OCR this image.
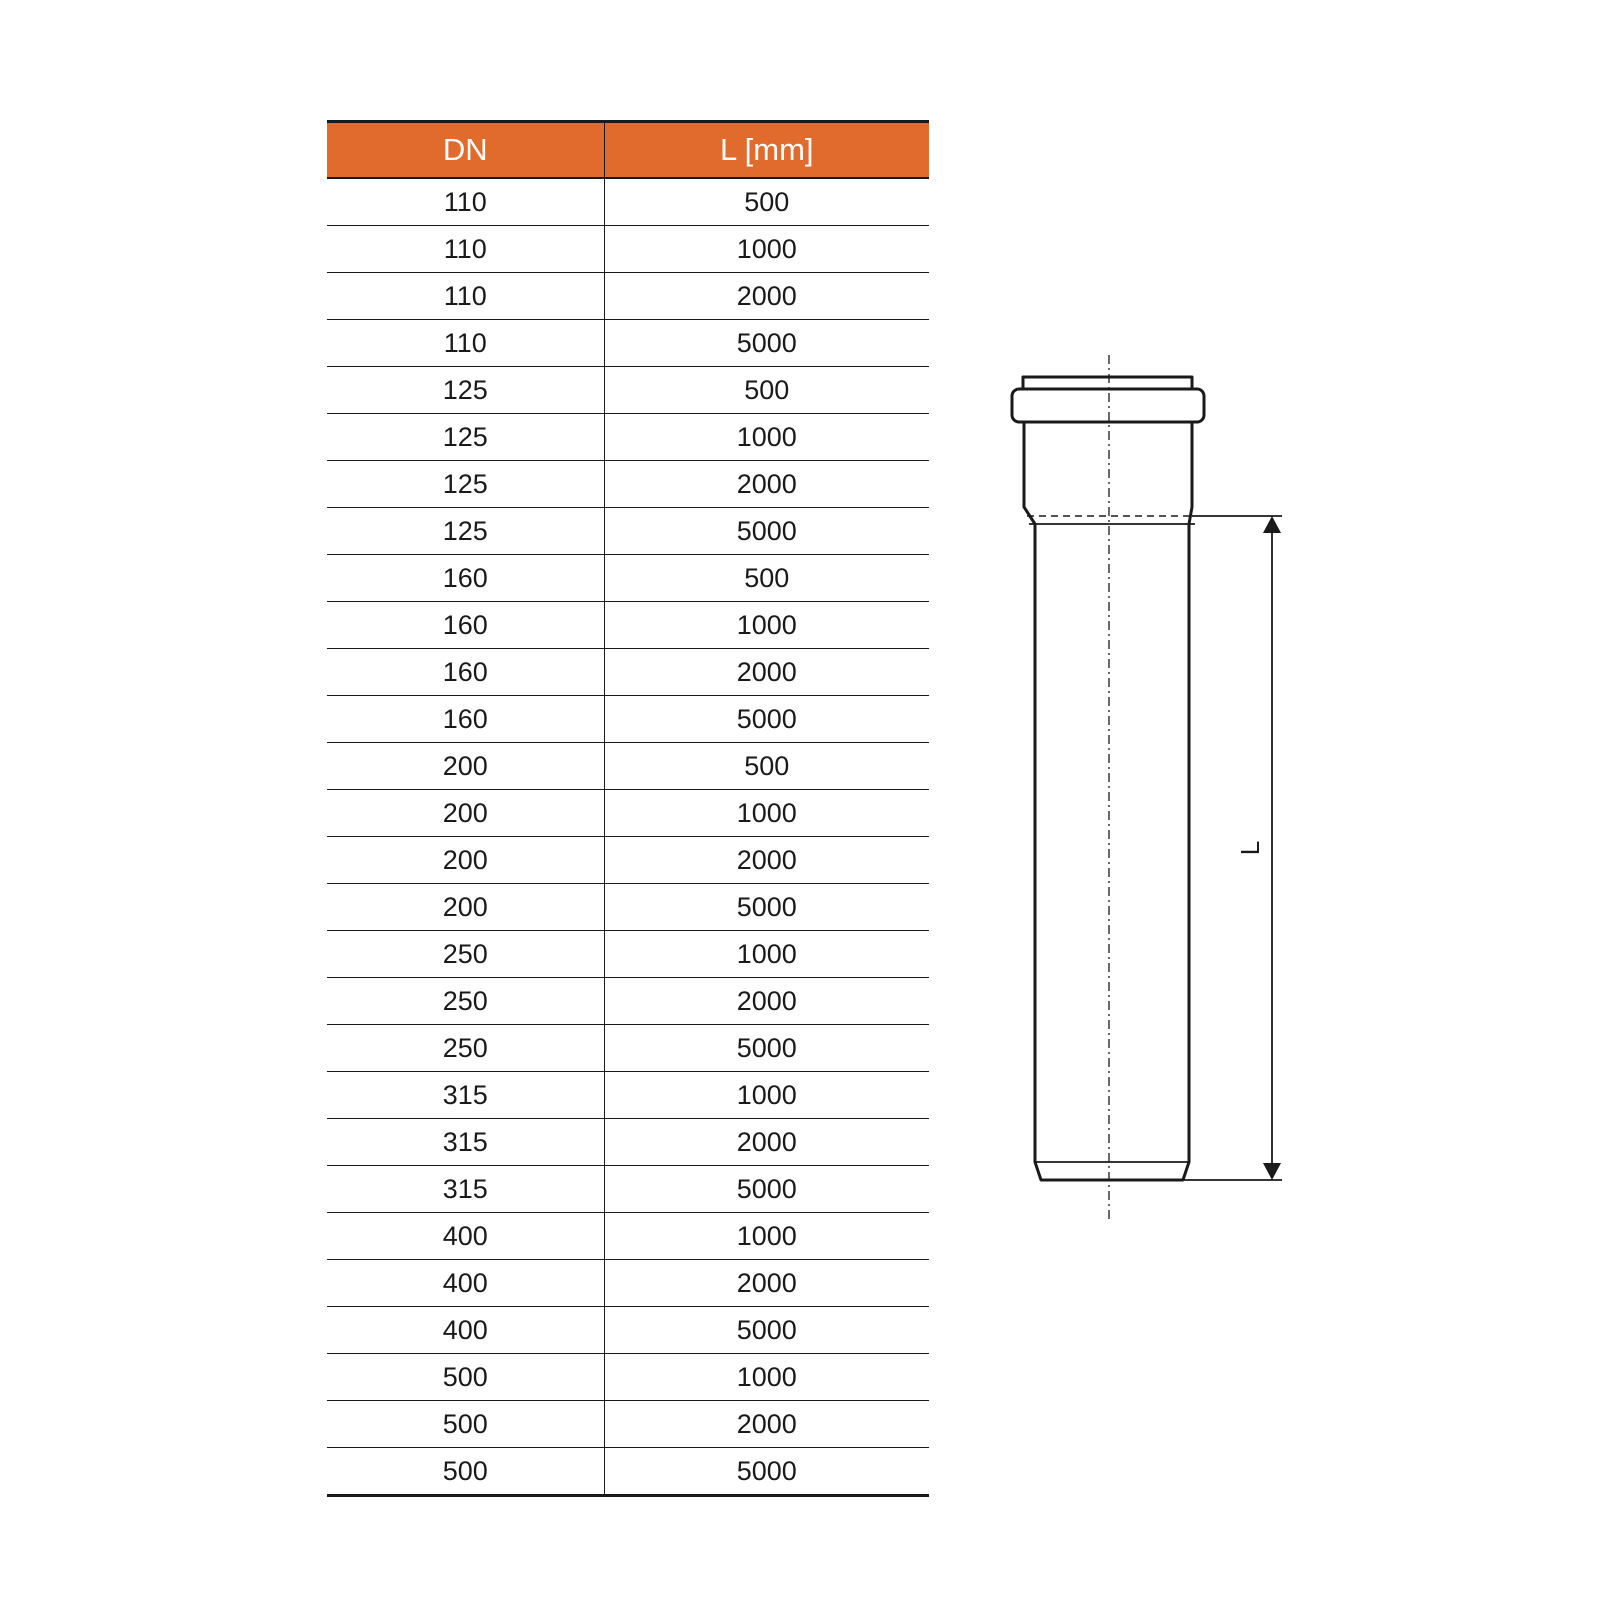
DN	L [mm]
110	500
110	1000
110	2000
110	5000
125	500
125	1000
125	2000
125	5000
160	500
160	1000
160	2000
160	5000
200	500
200	1000
200	2000
200	5000
250	1000
250	2000
250	5000
315	1000
315	2000
315	5000
400	1000
400	2000
400	5000
500	1000
500	2000
500	5000
L
